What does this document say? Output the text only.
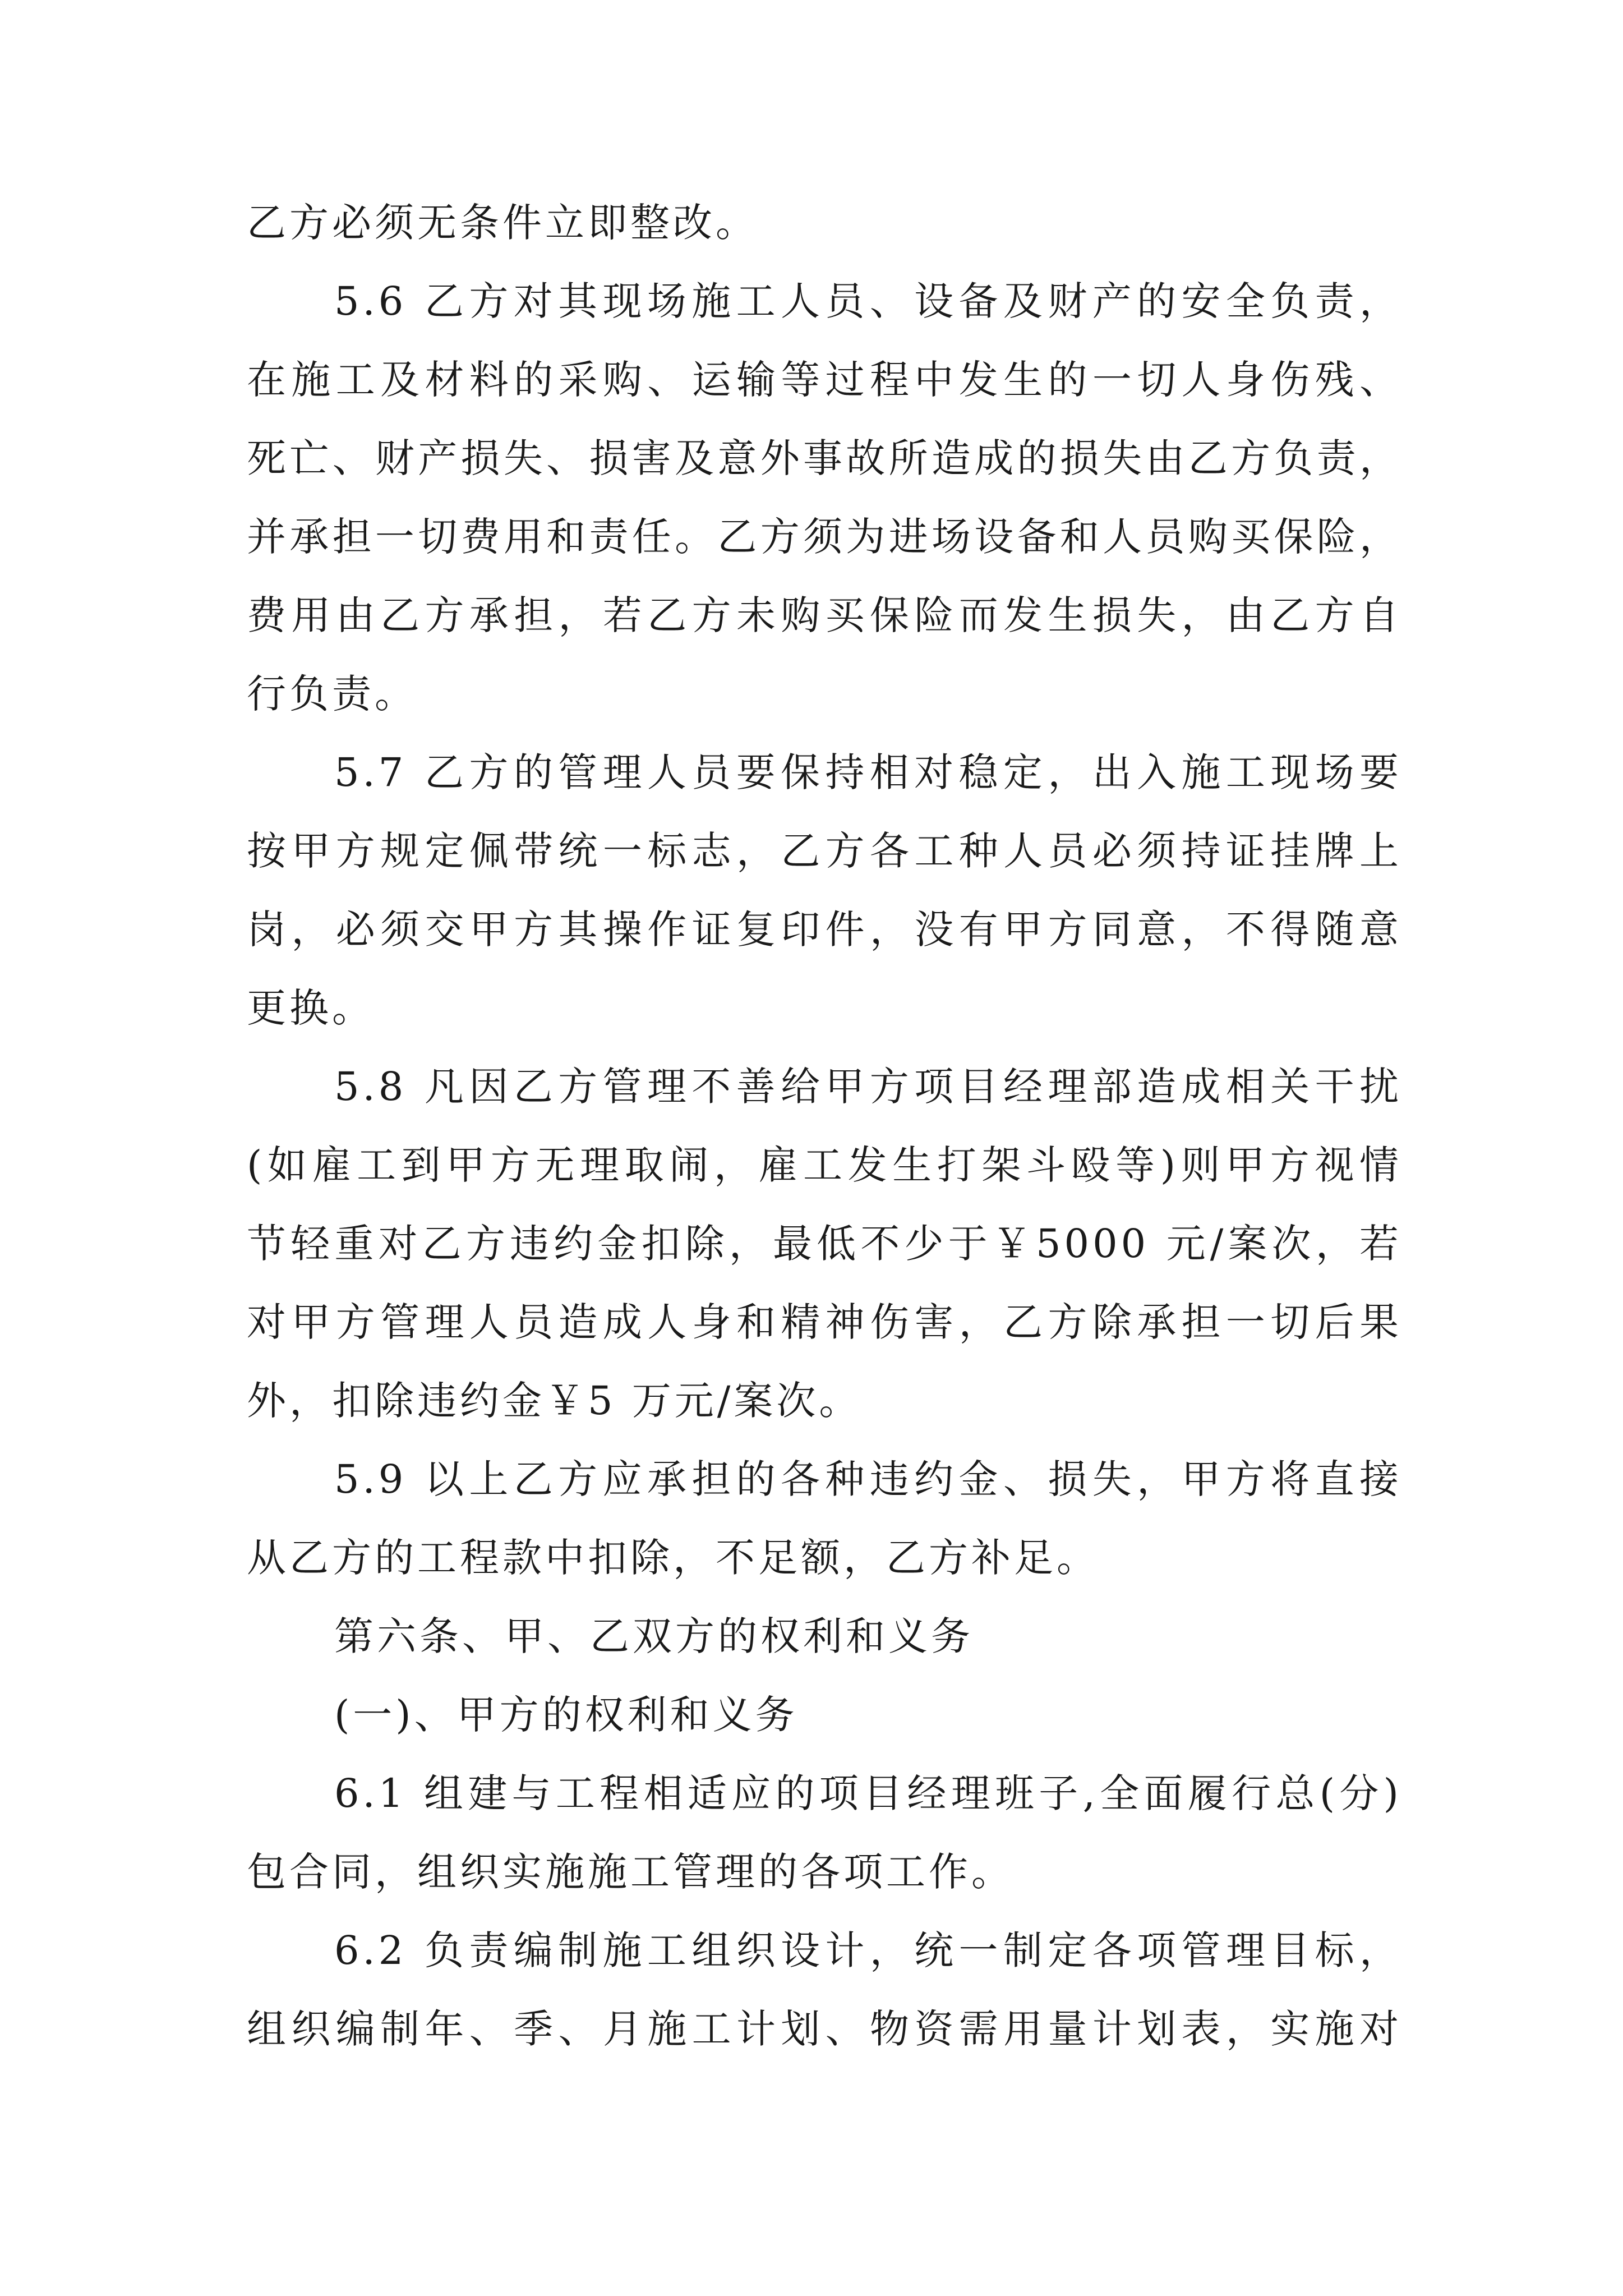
乙方必须无条件立即整改。
5.6 乙方对其现场施工人员、设备及财产的安全负责，
在施工及材料的采购、运输等过程中发生的一切人身伤残、
死亡、财产损失、损害及意外事故所造成的损失由乙方负责，
并承担一切费用和责任。乙方须为进场设备和人员购买保险，
费用由乙方承担，若乙方未购买保险而发生损失，由乙方自
行负责。
5.7 乙方的管理人员要保持相对稳定，出入施工现场要
按甲方规定佩带统一标志，乙方各工种人员必须持证挂牌上
岗，必须交甲方其操作证复印件，没有甲方同意，不得随意
更换。
5.8 凡因乙方管理不善给甲方项目经理部造成相关干扰
(如雇工到甲方无理取闹，雇工发生打架斗殴等)则甲方视情
节轻重对乙方违约金扣除，最低不少于￥5000 元/案次，若
对甲方管理人员造成人身和精神伤害，乙方除承担一切后果
外，扣除违约金￥5 万元/案次。
5.9 以上乙方应承担的各种违约金、损失，甲方将直接
从乙方的工程款中扣除，不足额，乙方补足。
第六条、甲、乙双方的权利和义务
(一)、甲方的权利和义务
6.1 组建与工程相适应的项目经理班子,全面履行总(分)
包合同，组织实施施工管理的各项工作。
6.2 负责编制施工组织设计，统一制定各项管理目标，
组织编制年、季、月施工计划、物资需用量计划表，实施对
